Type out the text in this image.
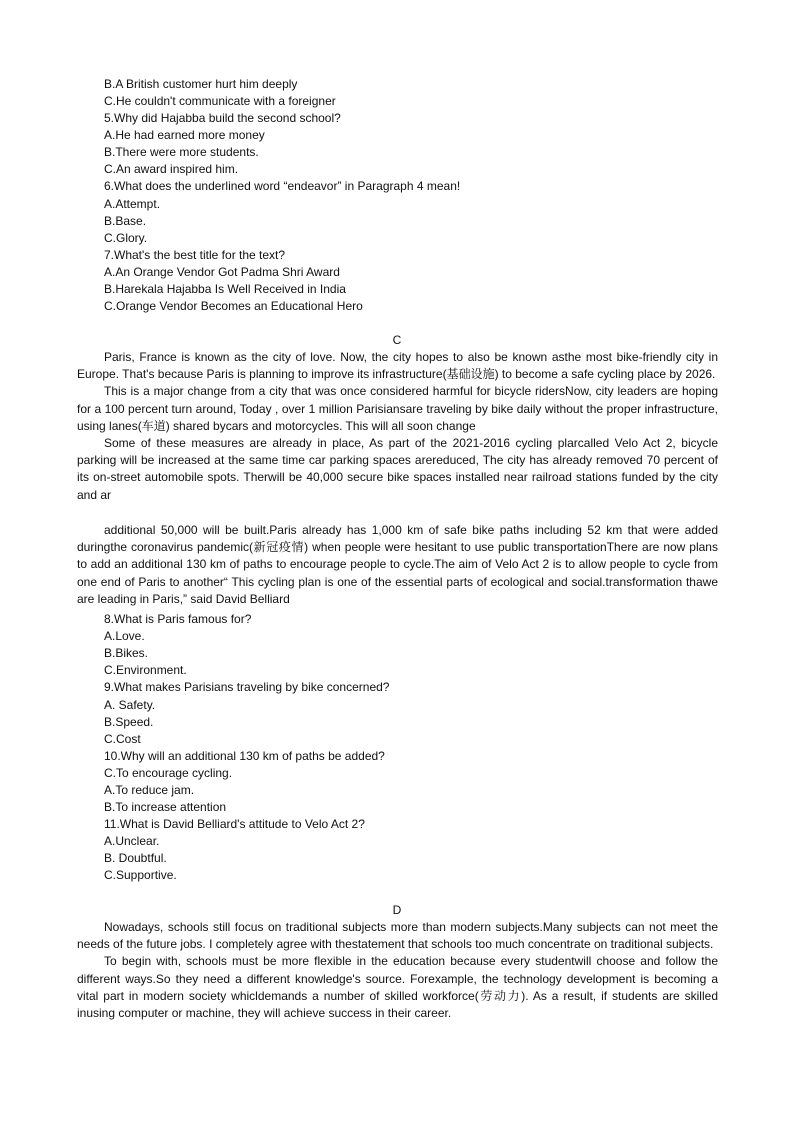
B.A British customer hurt him deeply
C.He couldn't communicate with a foreigner
5.Why did Hajabba build the second school?
A.He had earned more money
B.There were more students.
C.An award inspired him.
6.What does the underlined word “endeavor” in Paragraph 4 mean!
A.Attempt.
B.Base.
C.Glory.
7.What's the best title for the text?
A.An Orange Vendor Got Padma Shri Award
B.Harekala Hajabba Is Well Received in India
C.Orange Vendor Becomes an Educational Hero
C

Paris, France is known as the city of love. Now, the city hopes to also be known asthe most bike-friendly city in Europe. That's because Paris is planning to improve its infrastructure(基础设施) to become a safe cycling place by 2026.

This is a major change from a city that was once considered harmful for bicycle ridersNow, city leaders are hoping for a 100 percent turn around, Today , over 1 million Parisiansare traveling by bike daily without the proper infrastructure, using lanes(车道) shared bycars and motorcycles. This will all soon change

Some of these measures are already in place, As part of the 2021-2016 cycling plarcalled Velo Act 2, bicycle parking will be increased at the same time car parking spaces arereduced, The city has already removed 70 percent of its on-street automobile spots. Therwill be 40,000 secure bike spaces installed near railroad stations funded by the city and ar

additional 50,000 will be built.Paris already has 1,000 km of safe bike paths including 52 km that were added duringthe coronavirus pandemic(新冠疫情) when people were hesitant to use public transportationThere are now plans to add an additional 130 km of paths to encourage people to cycle.The aim of Velo Act 2 is to allow people to cycle from one end of Paris to another“ This cycling plan is one of the essential parts of ecological and social.transformation thawe are leading in Paris,” said David Belliard
8.What is Paris famous for?
A.Love.
B.Bikes.
C.Environment.
9.What makes Parisians traveling by bike concerned?
A. Safety.
B.Speed.
C.Cost
10.Why will an additional 130 km of paths be added?
C.To encourage cycling.
A.To reduce jam.
B.To increase attention
11.What is David Belliard's attitude to Velo Act 2?
A.Unclear.
B. Doubtful.
C.Supportive.
D

Nowadays, schools still focus on traditional subjects more than modern subjects.Many subjects can not meet the needs of the future jobs. I completely agree with thestatement that schools too much concentrate on traditional subjects.

To begin with, schools must be more flexible in the education because every studentwill choose and follow the different ways.So they need a different knowledge's source. Forexample, the technology development is becoming a vital part in modern society whicldemands a number of skilled workforce(劳动力). As a result, if students are skilled inusing computer or machine, they will achieve success in their career.
